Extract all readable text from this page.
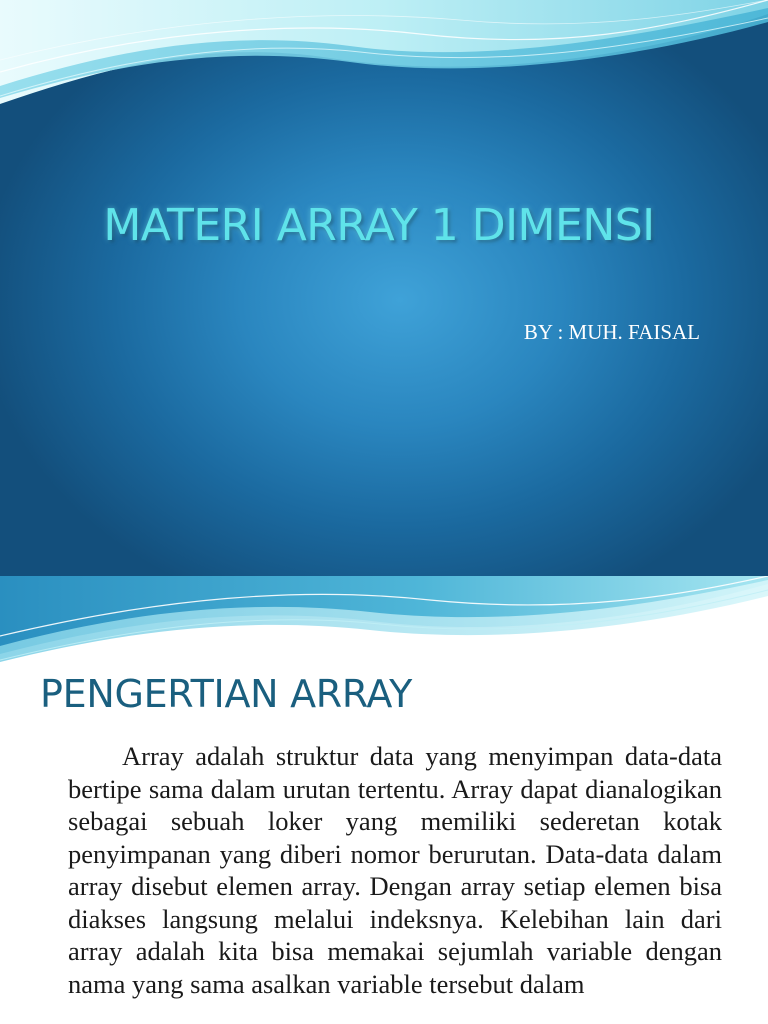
MATERI ARRAY 1 DIMENSI
BY : MUH. FAISAL
PENGERTIAN ARRAY

Array adalah struktur data yang menyimpan data-data bertipe sama dalam urutan tertentu. Array dapat dianalogikan sebagai sebuah loker yang memiliki sederetan kotak penyimpanan yang diberi nomor berurutan. Data-data dalam array disebut elemen array. Dengan array setiap elemen bisa diakses langsung melalui indeksnya. Kelebihan lain dari array adalah kita bisa memakai sejumlah variable dengan nama yang sama asalkan variable tersebut dalam
